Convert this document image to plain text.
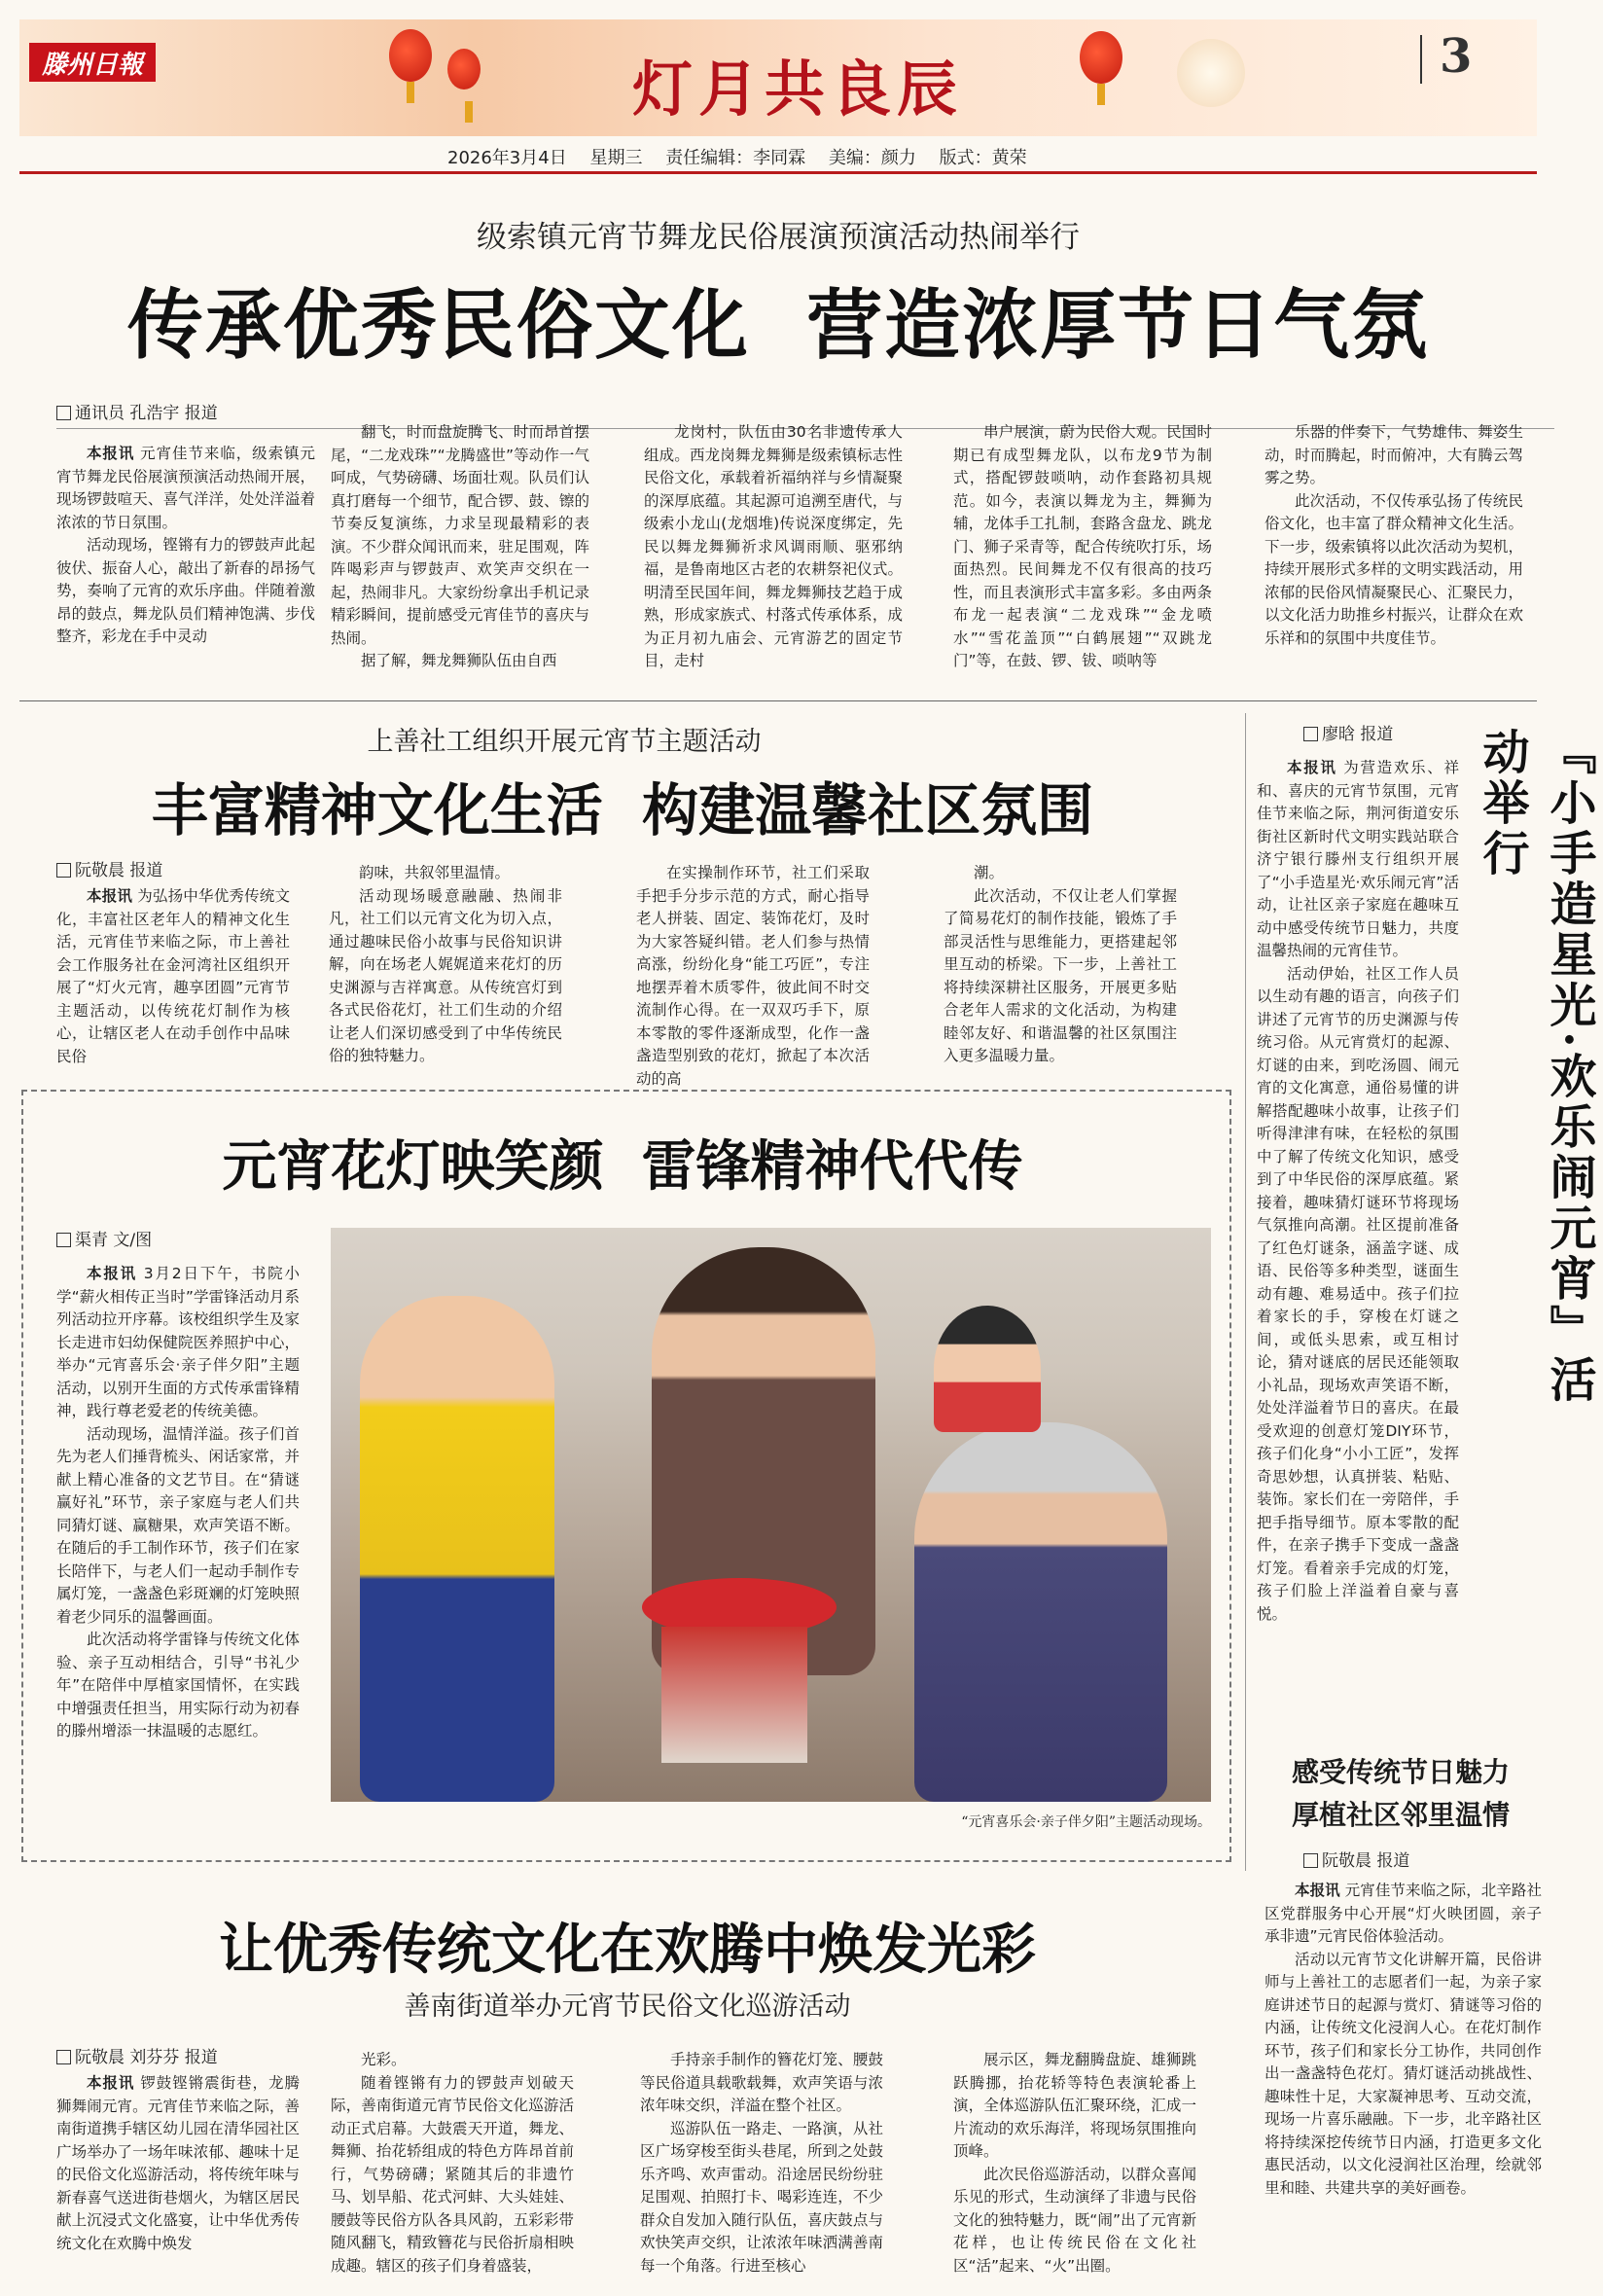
滕州日報	灯月共良辰	3
2026年3月4日 星期三 责任编辑：李同霖 美编：颜力 版式：黄荣
级索镇元宵节舞龙民俗展演预演活动热闹举行
传承优秀民俗文化  营造浓厚节日气氛
通讯员 孔浩宇 报道

本报讯 元宵佳节来临，级索镇元宵节舞龙民俗展演预演活动热闹开展，现场锣鼓喧天、喜气洋洋，处处洋溢着浓浓的节日氛围。

活动现场，铿锵有力的锣鼓声此起彼伏、振奋人心，敲出了新春的昂扬气势，奏响了元宵的欢乐序曲。伴随着激昂的鼓点，舞龙队员们精神饱满、步伐整齐，彩龙在手中灵动

翻飞，时而盘旋腾飞、时而昂首摆尾，“二龙戏珠”“龙腾盛世”等动作一气呵成，气势磅礴、场面壮观。队员们认真打磨每一个细节，配合锣、鼓、镲的节奏反复演练，力求呈现最精彩的表演。不少群众闻讯而来，驻足围观，阵阵喝彩声与锣鼓声、欢笑声交织在一起，热闹非凡。大家纷纷拿出手机记录精彩瞬间，提前感受元宵佳节的喜庆与热闹。

据了解，舞龙舞狮队伍由自西

龙岗村，队伍由30名非遗传承人组成。西龙岗舞龙舞狮是级索镇标志性民俗文化，承载着祈福纳祥与乡情凝聚的深厚底蕴。其起源可追溯至唐代，与级索小龙山(龙烟堆)传说深度绑定，先民以舞龙舞狮祈求风调雨顺、驱邪纳福，是鲁南地区古老的农耕祭祀仪式。明清至民国年间，舞龙舞狮技艺趋于成熟，形成家族式、村落式传承体系，成为正月初九庙会、元宵游艺的固定节目，走村

串户展演，蔚为民俗大观。民国时期已有成型舞龙队，以布龙9节为制式，搭配锣鼓唢呐，动作套路初具规范。如今，表演以舞龙为主，舞狮为辅，龙体手工扎制，套路含盘龙、跳龙门、狮子采青等，配合传统吹打乐，场面热烈。民间舞龙不仅有很高的技巧性，而且表演形式丰富多彩。多由两条布龙一起表演“二龙戏珠”“金龙喷水”“雪花盖顶”“白鹤展翅”“双跳龙门”等，在鼓、锣、钹、唢呐等

乐器的伴奏下，气势雄伟、舞姿生动，时而腾起，时而俯冲，大有腾云驾雾之势。

此次活动，不仅传承弘扬了传统民俗文化，也丰富了群众精神文化生活。下一步，级索镇将以此次活动为契机，持续开展形式多样的文明实践活动，用浓郁的民俗风情凝聚民心、汇聚民力，以文化活力助推乡村振兴，让群众在欢乐祥和的氛围中共度佳节。

上善社工组织开展元宵节主题活动
丰富精神文化生活  构建温馨社区氛围
阮敬晨 报道

本报讯 为弘扬中华优秀传统文化，丰富社区老年人的精神文化生活，元宵佳节来临之际，市上善社会工作服务社在金河湾社区组织开展了“灯火元宵，趣享团圆”元宵节主题活动，以传统花灯制作为核心，让辖区老人在动手创作中品味民俗

韵味，共叙邻里温情。

活动现场暖意融融、热闹非凡，社工们以元宵文化为切入点，通过趣味民俗小故事与民俗知识讲解，向在场老人娓娓道来花灯的历史渊源与吉祥寓意。从传统宫灯到各式民俗花灯，社工们生动的介绍让老人们深切感受到了中华传统民俗的独特魅力。

在实操制作环节，社工们采取手把手分步示范的方式，耐心指导老人拼装、固定、装饰花灯，及时为大家答疑纠错。老人们参与热情高涨，纷纷化身“能工巧匠”，专注地摆弄着木质零件，彼此间不时交流制作心得。在一双双巧手下，原本零散的零件逐渐成型，化作一盏盏造型别致的花灯，掀起了本次活动的高

潮。

此次活动，不仅让老人们掌握了简易花灯的制作技能，锻炼了手部灵活性与思维能力，更搭建起邻里互动的桥梁。下一步，上善社工将持续深耕社区服务，开展更多贴合老年人需求的文化活动，为构建睦邻友好、和谐温馨的社区氛围注入更多温暖力量。

元宵花灯映笑颜  雷锋精神代代传
渠青 文/图

本报讯 3月2日下午，书院小学“薪火相传正当时”学雷锋活动月系列活动拉开序幕。该校组织学生及家长走进市妇幼保健院医养照护中心，举办“元宵喜乐会·亲子伴夕阳”主题活动，以别开生面的方式传承雷锋精神，践行尊老爱老的传统美德。

活动现场，温情洋溢。孩子们首先为老人们捶背梳头、闲话家常，并献上精心准备的文艺节目。在“猜谜赢好礼”环节，亲子家庭与老人们共同猜灯谜、赢糖果，欢声笑语不断。在随后的手工制作环节，孩子们在家长陪伴下，与老人们一起动手制作专属灯笼，一盏盏色彩斑斓的灯笼映照着老少同乐的温馨画面。

此次活动将学雷锋与传统文化体验、亲子互动相结合，引导“书礼少年”在陪伴中厚植家国情怀，在实践中增强责任担当，用实际行动为初春的滕州增添一抹温暖的志愿红。

“元宵喜乐会·亲子伴夕阳”主题活动现场。
廖晗 报道

本报讯 为营造欢乐、祥和、喜庆的元宵节氛围，元宵佳节来临之际，荆河街道安乐街社区新时代文明实践站联合济宁银行滕州支行组织开展了“小手造星光·欢乐闹元宵”活动，让社区亲子家庭在趣味互动中感受传统节日魅力，共度温馨热闹的元宵佳节。

活动伊始，社区工作人员以生动有趣的语言，向孩子们讲述了元宵节的历史渊源与传统习俗。从元宵赏灯的起源、灯谜的由来，到吃汤圆、闹元宵的文化寓意，通俗易懂的讲解搭配趣味小故事，让孩子们听得津津有味，在轻松的氛围中了解了传统文化知识，感受到了中华民俗的深厚底蕴。紧接着，趣味猜灯谜环节将现场气氛推向高潮。社区提前准备了红色灯谜条，涵盖字谜、成语、民俗等多种类型，谜面生动有趣、难易适中。孩子们拉着家长的手，穿梭在灯谜之间，或低头思索，或互相讨论，猜对谜底的居民还能领取小礼品，现场欢声笑语不断，处处洋溢着节日的喜庆。在最受欢迎的创意灯笼DIY环节，孩子们化身“小小工匠”，发挥奇思妙想，认真拼装、粘贴、装饰。家长们在一旁陪伴，手把手指导细节。原本零散的配件，在亲子携手下变成一盏盏灯笼。看着亲手完成的灯笼，孩子们脸上洋溢着自豪与喜悦。

『小手造星光·欢乐闹元宵』活动举行
感受传统节日魅力
厚植社区邻里温情
阮敬晨 报道

本报讯 元宵佳节来临之际，北辛路社区党群服务中心开展“灯火映团圆，亲子承非遗”元宵民俗体验活动。

活动以元宵节文化讲解开篇，民俗讲师与上善社工的志愿者们一起，为亲子家庭讲述节日的起源与赏灯、猜谜等习俗的内涵，让传统文化浸润人心。在花灯制作环节，孩子们和家长分工协作，共同创作出一盏盏特色花灯。猜灯谜活动挑战性、趣味性十足，大家凝神思考、互动交流，现场一片喜乐融融。下一步，北辛路社区将持续深挖传统节日内涵，打造更多文化惠民活动，以文化浸润社区治理，绘就邻里和睦、共建共享的美好画卷。

让优秀传统文化在欢腾中焕发光彩
善南街道举办元宵节民俗文化巡游活动
阮敬晨 刘芬芬 报道

本报讯 锣鼓铿锵震街巷，龙腾狮舞闹元宵。元宵佳节来临之际，善南街道携手辖区幼儿园在清华园社区广场举办了一场年味浓郁、趣味十足的民俗文化巡游活动，将传统年味与新春喜气送进街巷烟火，为辖区居民献上沉浸式文化盛宴，让中华优秀传统文化在欢腾中焕发

光彩。

随着铿锵有力的锣鼓声划破天际，善南街道元宵节民俗文化巡游活动正式启幕。大鼓震天开道，舞龙、舞狮、抬花轿组成的特色方阵昂首前行，气势磅礴；紧随其后的非遗竹马、划旱船、花式河蚌、大头娃娃、腰鼓等民俗方队各具风韵，五彩彩带随风翻飞，精致簪花与民俗折扇相映成趣。辖区的孩子们身着盛装，

手持亲手制作的簪花灯笼、腰鼓等民俗道具载歌载舞，欢声笑语与浓浓年味交织，洋溢在整个社区。

巡游队伍一路走、一路演，从社区广场穿梭至街头巷尾，所到之处鼓乐齐鸣、欢声雷动。沿途居民纷纷驻足围观、拍照打卡、喝彩连连，不少群众自发加入随行队伍，喜庆鼓点与欢快笑声交织，让浓浓年味洒满善南每一个角落。行进至核心

展示区，舞龙翻腾盘旋、雄狮跳跃腾挪，抬花轿等特色表演轮番上演，全体巡游队伍汇聚环绕，汇成一片流动的欢乐海洋，将现场氛围推向顶峰。

此次民俗巡游活动，以群众喜闻乐见的形式，生动演绎了非遗与民俗文化的独特魅力，既“闹”出了元宵新花样，也让传统民俗在文化社区“活”起来、“火”出圈。
